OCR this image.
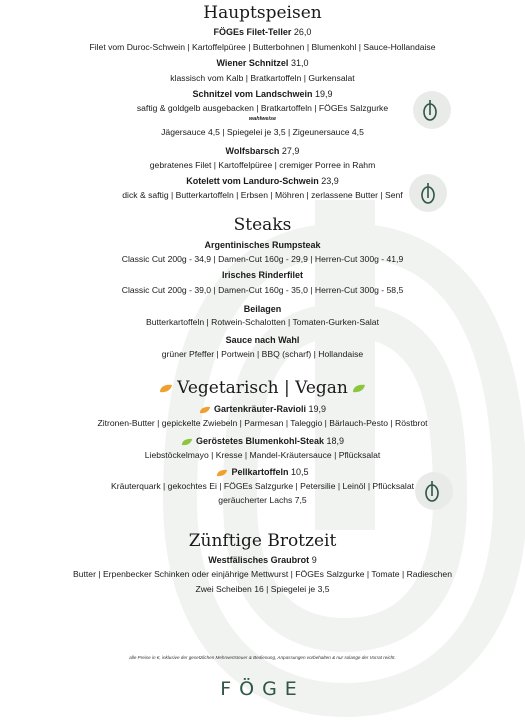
Hauptspeisen
FÖGEs Filet-Teller 26,0
Filet vom Duroc-Schwein | Kartoffelpüree | Butterbohnen | Blumenkohl | Sauce-Hollandaise
Wiener Schnitzel 31,0
klassisch vom Kalb | Bratkartoffeln | Gurkensalat
Schnitzel vom Landschwein 19,9
saftig & goldgelb ausgebacken | Bratkartoffeln | FÖGEs Salzgurke
wahlweise
Jägersauce 4,5 | Spiegelei je 3,5 | Zigeunersauce 4,5
Wolfsbarsch 27,9
gebratenes Filet | Kartoffelpüree | cremiger Porree in Rahm
Kotelett vom Landuro-Schwein 23,9
dick & saftig | Butterkartoffeln | Erbsen | Möhren | zerlassene Butter | Senf
Steaks
Argentinisches Rumpsteak
Classic Cut 200g - 34,9 | Damen-Cut 160g - 29,9 | Herren-Cut 300g - 41,9
Irisches Rinderfilet
Classic Cut 200g - 39,0 | Damen-Cut 160g - 35,0 | Herren-Cut 300g - 58,5
Beilagen
Butterkartoffeln | Rotwein-Schalotten | Tomaten-Gurken-Salat
Sauce nach Wahl
grüner Pfeffer | Portwein | BBQ (scharf) | Hollandaise
Vegetarisch | Vegan
Gartenkräuter-Ravioli 19,9
Zitronen-Butter | gepickelte Zwiebeln | Parmesan | Taleggio | Bärlauch-Pesto | Röstbrot
Geröstetes Blumenkohl-Steak 18,9
Liebstöckelmayo | Kresse | Mandel-Kräutersauce | Pflücksalat
Pellkartoffeln 10,5
Kräuterquark | gekochtes Ei | FÖGEs Salzgurke | Petersilie | Leinöl | Pflücksalat
geräucherter Lachs 7,5
Zünftige Brotzeit
Westfälisches Graubrot 9
Butter | Erpenbecker Schinken oder einjährige Mettwurst | FÖGEs Salzgurke | Tomate | Radieschen
Zwei Scheiben 16 | Spiegelei je 3,5
alle Preise in €, inklusive der gesetzlichen Mehrwertsteuer & Bedienung, Anpassungen vorbehalten & nur solange der Vorrat reicht.
FÖGE
